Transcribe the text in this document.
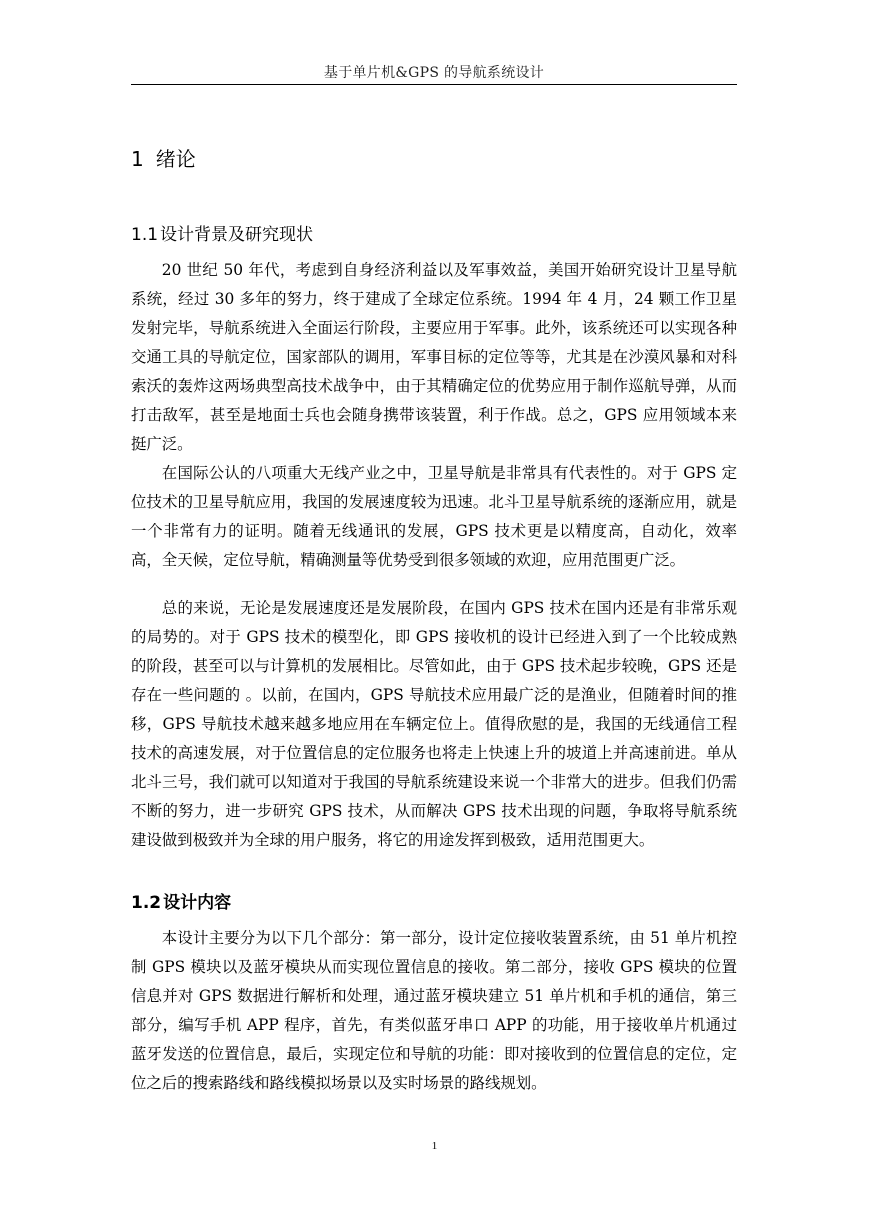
基于单片机&GPS 的导航系统设计
1 绪论
1.1 设计背景及研究现状

20 世纪 50 年代，考虑到自身经济利益以及军事效益，美国开始研究设计卫星导航系统，经过 30 多年的努力，终于建成了全球定位系统。1994 年 4 月，24 颗工作卫星发射完毕，导航系统进入全面运行阶段，主要应用于军事。此外，该系统还可以实现各种交通工具的导航定位，国家部队的调用，军事目标的定位等等，尤其是在沙漠风暴和对科索沃的轰炸这两场典型高技术战争中，由于其精确定位的优势应用于制作巡航导弹，从而打击敌军，甚至是地面士兵也会随身携带该装置，利于作战。总之，GPS 应用领域本来挺广泛。

在国际公认的八项重大无线产业之中，卫星导航是非常具有代表性的。对于 GPS 定位技术的卫星导航应用，我国的发展速度较为迅速。北斗卫星导航系统的逐渐应用，就是一个非常有力的证明。随着无线通讯的发展，GPS 技术更是以精度高，自动化，效率高，全天候，定位导航，精确测量等优势受到很多领域的欢迎，应用范围更广泛。

总的来说，无论是发展速度还是发展阶段，在国内 GPS 技术在国内还是有非常乐观的局势的。对于 GPS 技术的模型化，即 GPS 接收机的设计已经进入到了一个比较成熟的阶段，甚至可以与计算机的发展相比。尽管如此，由于 GPS 技术起步较晚，GPS 还是存在一些问题的 。以前，在国内，GPS 导航技术应用最广泛的是渔业，但随着时间的推移，GPS 导航技术越来越多地应用在车辆定位上。值得欣慰的是，我国的无线通信工程技术的高速发展，对于位置信息的定位服务也将走上快速上升的坡道上并高速前进。单从北斗三号，我们就可以知道对于我国的导航系统建设来说一个非常大的进步。但我们仍需不断的努力，进一步研究 GPS 技术，从而解决 GPS 技术出现的问题，争取将导航系统建设做到极致并为全球的用户服务，将它的用途发挥到极致，适用范围更大。

1.2 设计内容

本设计主要分为以下几个部分：第一部分，设计定位接收装置系统，由 51 单片机控制 GPS 模块以及蓝牙模块从而实现位置信息的接收。第二部分，接收 GPS 模块的位置信息并对 GPS 数据进行解析和处理，通过蓝牙模块建立 51 单片机和手机的通信，第三部分，编写手机 APP 程序，首先，有类似蓝牙串口 APP 的功能，用于接收单片机通过蓝牙发送的位置信息，最后，实现定位和导航的功能：即对接收到的位置信息的定位，定位之后的搜索路线和路线模拟场景以及实时场景的路线规划。

1
